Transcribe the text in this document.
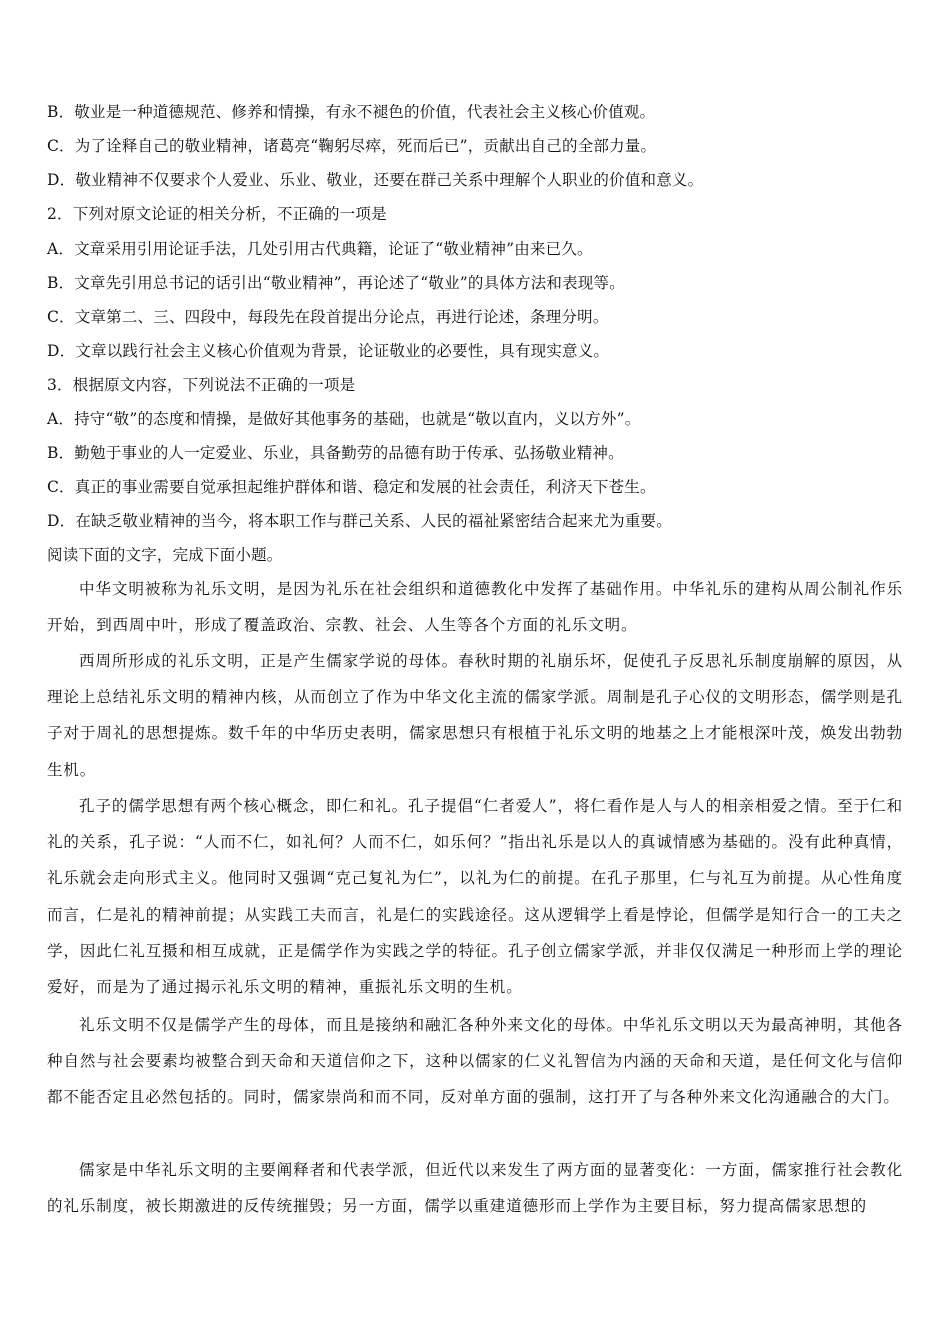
B．敬业是一种道德规范、修养和情操，有永不褪色的价值，代表社会主义核心价值观。
C．为了诠释自己的敬业精神，诸葛亮“鞠躬尽瘁，死而后已”，贡献出自己的全部力量。
D．敬业精神不仅要求个人爱业、乐业、敬业，还要在群己关系中理解个人职业的价值和意义。
2．下列对原文论证的相关分析，不正确的一项是
A．文章采用引用论证手法，几处引用古代典籍，论证了“敬业精神”由来已久。
B．文章先引用总书记的话引出“敬业精神”，再论述了“敬业”的具体方法和表现等。
C．文章第二、三、四段中，每段先在段首提出分论点，再进行论述，条理分明。
D．文章以践行社会主义核心价值观为背景，论证敬业的必要性，具有现实意义。
3．根据原文内容，下列说法不正确的一项是
A．持守“敬”的态度和情操，是做好其他事务的基础，也就是“敬以直内，义以方外”。
B．勤勉于事业的人一定爱业、乐业，具备勤劳的品德有助于传承、弘扬敬业精神。
C．真正的事业需要自觉承担起维护群体和谐、稳定和发展的社会责任，利济天下苍生。
D．在缺乏敬业精神的当今，将本职工作与群己关系、人民的福祉紧密结合起来尤为重要。
阅读下面的文字，完成下面小题。

中华文明被称为礼乐文明，是因为礼乐在社会组织和道德教化中发挥了基础作用。中华礼乐的建构从周公制礼作乐开始，到西周中叶，形成了覆盖政治、宗教、社会、人生等各个方面的礼乐文明。

西周所形成的礼乐文明，正是产生儒家学说的母体。春秋时期的礼崩乐坏，促使孔子反思礼乐制度崩解的原因，从理论上总结礼乐文明的精神内核，从而创立了作为中华文化主流的儒家学派。周制是孔子心仪的文明形态，儒学则是孔子对于周礼的思想提炼。数千年的中华历史表明，儒家思想只有根植于礼乐文明的地基之上才能根深叶茂，焕发出勃勃生机。

孔子的儒学思想有两个核心概念，即仁和礼。孔子提倡“仁者爱人”，将仁看作是人与人的相亲相爱之情。至于仁和礼的关系，孔子说：“人而不仁，如礼何？人而不仁，如乐何？”指出礼乐是以人的真诚情感为基础的。没有此种真情，礼乐就会走向形式主义。他同时又强调“克己复礼为仁”，以礼为仁的前提。在孔子那里，仁与礼互为前提。从心性角度而言，仁是礼的精神前提；从实践工夫而言，礼是仁的实践途径。这从逻辑学上看是悖论，但儒学是知行合一的工夫之学，因此仁礼互摄和相互成就，正是儒学作为实践之学的特征。孔子创立儒家学派，并非仅仅满足一种形而上学的理论爱好，而是为了通过揭示礼乐文明的精神，重振礼乐文明的生机。

礼乐文明不仅是儒学产生的母体，而且是接纳和融汇各种外来文化的母体。中华礼乐文明以天为最高神明，其他各种自然与社会要素均被整合到天命和天道信仰之下，这种以儒家的仁义礼智信为内涵的天命和天道，是任何文化与信仰都不能否定且必然包括的。同时，儒家崇尚和而不同，反对单方面的强制，这打开了与各种外来文化沟通融合的大门。

儒家是中华礼乐文明的主要阐释者和代表学派，但近代以来发生了两方面的显著变化：一方面，儒家推行社会教化的礼乐制度，被长期激进的反传统摧毁；另一方面，儒学以重建道德形而上学作为主要目标，努力提高儒家思想的
